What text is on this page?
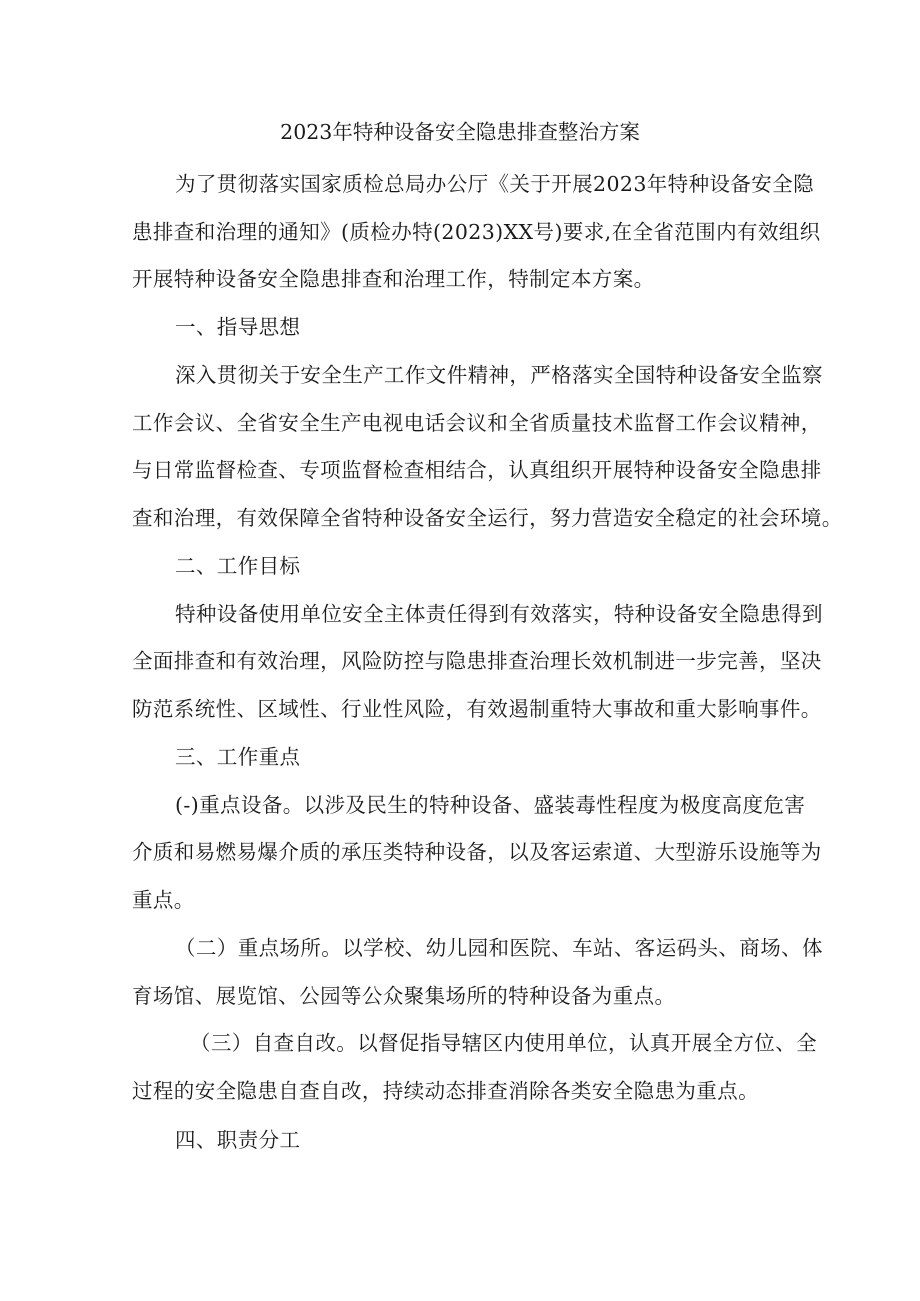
2023年特种设备安全隐患排查整治方案
为了贯彻落实国家质检总局办公厅《关于开展2023年特种设备安全隐
患排查和治理的通知》(质检办特(2023)XX号)要求,在全省范围内有效组织
开展特种设备安全隐患排查和治理工作，特制定本方案。
一、指导思想
深入贯彻关于安全生产工作文件精神，严格落实全国特种设备安全监察
工作会议、全省安全生产电视电话会议和全省质量技术监督工作会议精神，
与日常监督检查、专项监督检查相结合，认真组织开展特种设备安全隐患排
查和治理，有效保障全省特种设备安全运行，努力营造安全稳定的社会环境。
二、工作目标
特种设备使用单位安全主体责任得到有效落实，特种设备安全隐患得到
全面排查和有效治理，风险防控与隐患排查治理长效机制进一步完善，坚决
防范系统性、区域性、行业性风险，有效遏制重特大事故和重大影响事件。
三、工作重点
(-)重点设备。以涉及民生的特种设备、盛装毒性程度为极度高度危害
介质和易燃易爆介质的承压类特种设备，以及客运索道、大型游乐设施等为
重点。
（二）重点场所。以学校、幼儿园和医院、车站、客运码头、商场、体
育场馆、展览馆、公园等公众聚集场所的特种设备为重点。
（三）自查自改。以督促指导辖区内使用单位，认真开展全方位、全
过程的安全隐患自查自改，持续动态排查消除各类安全隐患为重点。
四、职责分工
